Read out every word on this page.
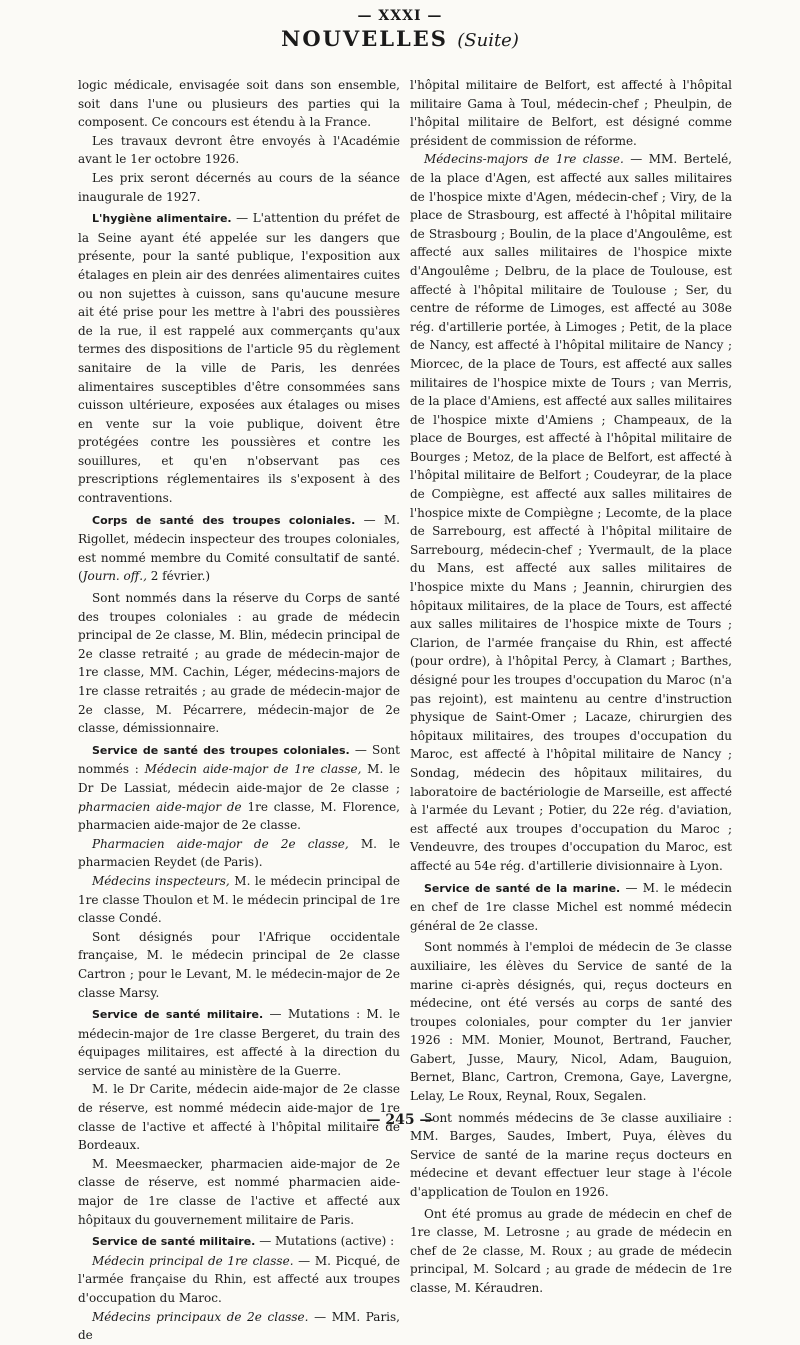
— XXXI —
NOUVELLES (Suite)

logic médicale, envisagée soit dans son ensemble, soit dans l'une ou plusieurs des parties qui la composent. Ce concours est étendu à la France.

Les travaux devront être envoyés à l'Académie avant le 1er octobre 1926.

Les prix seront décernés au cours de la séance inaugurale de 1927.

L'hygiène alimentaire. — L'attention du préfet de la Seine ayant été appelée sur les dangers que présente, pour la santé publique, l'exposition aux étalages en plein air des denrées alimentaires cuites ou non sujettes à cuisson, sans qu'aucune mesure ait été prise pour les mettre à l'abri des poussières de la rue, il est rappelé aux commerçants qu'aux termes des dispositions de l'article 95 du règlement sanitaire de la ville de Paris, les denrées alimentaires susceptibles d'être consommées sans cuisson ultérieure, exposées aux étalages ou mises en vente sur la voie publique, doivent être protégées contre les poussières et contre les souillures, et qu'en n'observant pas ces prescriptions réglementaires ils s'exposent à des contraventions.

Corps de santé des troupes coloniales. — M. Rigollet, médecin inspecteur des troupes coloniales, est nommé membre du Comité consultatif de santé. (Journ. off., 2 février.)

Sont nommés dans la réserve du Corps de santé des troupes coloniales : au grade de médecin principal de 2e classe, M. Blin, médecin principal de 2e classe retraité ; au grade de médecin-major de 1re classe, MM. Cachin, Léger, médecins-majors de 1re classe retraités ; au grade de médecin-major de 2e classe, M. Pécarrere, médecin-major de 2e classe, démissionnaire.

Service de santé des troupes coloniales. — Sont nommés : Médecin aide-major de 1re classe, M. le Dr De Lassiat, médecin aide-major de 2e classe ; pharmacien aide-major de 1re classe, M. Florence, pharmacien aide-major de 2e classe.

Pharmacien aide-major de 2e classe, M. le pharmacien Reydet (de Paris).

Médecins inspecteurs, M. le médecin principal de 1re classe Thoulon et M. le médecin principal de 1re classe Condé.

Sont désignés pour l'Afrique occidentale française, M. le médecin principal de 2e classe Cartron ; pour le Levant, M. le médecin-major de 2e classe Marsy.

Service de santé militaire. — Mutations : M. le médecin-major de 1re classe Bergeret, du train des équipages militaires, est affecté à la direction du service de santé au ministère de la Guerre.

M. le Dr Carite, médecin aide-major de 2e classe de réserve, est nommé médecin aide-major de 1re classe de l'active et affecté à l'hôpital militaire de Bordeaux.

M. Meesmaecker, pharmacien aide-major de 2e classe de réserve, est nommé pharmacien aide-major de 1re classe de l'active et affecté aux hôpitaux du gouvernement militaire de Paris.

Service de santé militaire. — Mutations (active) :

Médecin principal de 1re classe. — M. Picqué, de l'armée française du Rhin, est affecté aux troupes d'occupation du Maroc.

Médecins principaux de 2e classe. — MM. Paris, de

l'hôpital militaire de Belfort, est affecté à l'hôpital militaire Gama à Toul, médecin-chef ; Pheulpin, de l'hôpital militaire de Belfort, est désigné comme président de commission de réforme.

Médecins-majors de 1re classe. — MM. Bertelé, de la place d'Agen, est affecté aux salles militaires de l'hospice mixte d'Agen, médecin-chef ; Viry, de la place de Strasbourg, est affecté à l'hôpital militaire de Strasbourg ; Boulin, de la place d'Angoulême, est affecté aux salles militaires de l'hospice mixte d'Angoulême ; Delbru, de la place de Toulouse, est affecté à l'hôpital militaire de Toulouse ; Ser, du centre de réforme de Limoges, est affecté au 308e rég. d'artillerie portée, à Limoges ; Petit, de la place de Nancy, est affecté à l'hôpital militaire de Nancy ; Miorcec, de la place de Tours, est affecté aux salles militaires de l'hospice mixte de Tours ; van Merris, de la place d'Amiens, est affecté aux salles militaires de l'hospice mixte d'Amiens ; Champeaux, de la place de Bourges, est affecté à l'hôpital militaire de Bourges ; Metoz, de la place de Belfort, est affecté à l'hôpital militaire de Belfort ; Coudeyrar, de la place de Compiègne, est affecté aux salles militaires de l'hospice mixte de Compiègne ; Lecomte, de la place de Sarrebourg, est affecté à l'hôpital militaire de Sarrebourg, médecin-chef ; Yvermault, de la place du Mans, est affecté aux salles militaires de l'hospice mixte du Mans ; Jeannin, chirurgien des hôpitaux militaires, de la place de Tours, est affecté aux salles militaires de l'hospice mixte de Tours ; Clarion, de l'armée française du Rhin, est affecté (pour ordre), à l'hôpital Percy, à Clamart ; Barthes, désigné pour les troupes d'occupation du Maroc (n'a pas rejoint), est maintenu au centre d'instruction physique de Saint-Omer ; Lacaze, chirurgien des hôpitaux militaires, des troupes d'occupation du Maroc, est affecté à l'hôpital militaire de Nancy ; Sondag, médecin des hôpitaux militaires, du laboratoire de bactériologie de Marseille, est affecté à l'armée du Levant ; Potier, du 22e rég. d'aviation, est affecté aux troupes d'occupation du Maroc ; Vendeuvre, des troupes d'occupation du Maroc, est affecté au 54e rég. d'artillerie divisionnaire à Lyon.

Service de santé de la marine. — M. le médecin en chef de 1re classe Michel est nommé médecin général de 2e classe.

Sont nommés à l'emploi de médecin de 3e classe auxiliaire, les élèves du Service de santé de la marine ci-après désignés, qui, reçus docteurs en médecine, ont été versés au corps de santé des troupes coloniales, pour compter du 1er janvier 1926 : MM. Monier, Mounot, Bertrand, Faucher, Gabert, Jusse, Maury, Nicol, Adam, Bauguion, Bernet, Blanc, Cartron, Cremona, Gaye, Lavergne, Lelay, Le Roux, Reynal, Roux, Segalen.

Sont nommés médecins de 3e classe auxiliaire : MM. Barges, Saudes, Imbert, Puya, élèves du Service de santé de la marine reçus docteurs en médecine et devant effectuer leur stage à l'école d'application de Toulon en 1926.

Ont été promus au grade de médecin en chef de 1re classe, M. Letrosne ; au grade de médecin en chef de 2e classe, M. Roux ; au grade de médecin principal, M. Solcard ; au grade de médecin de 1re classe, M. Kéraudren.

— 245 —
